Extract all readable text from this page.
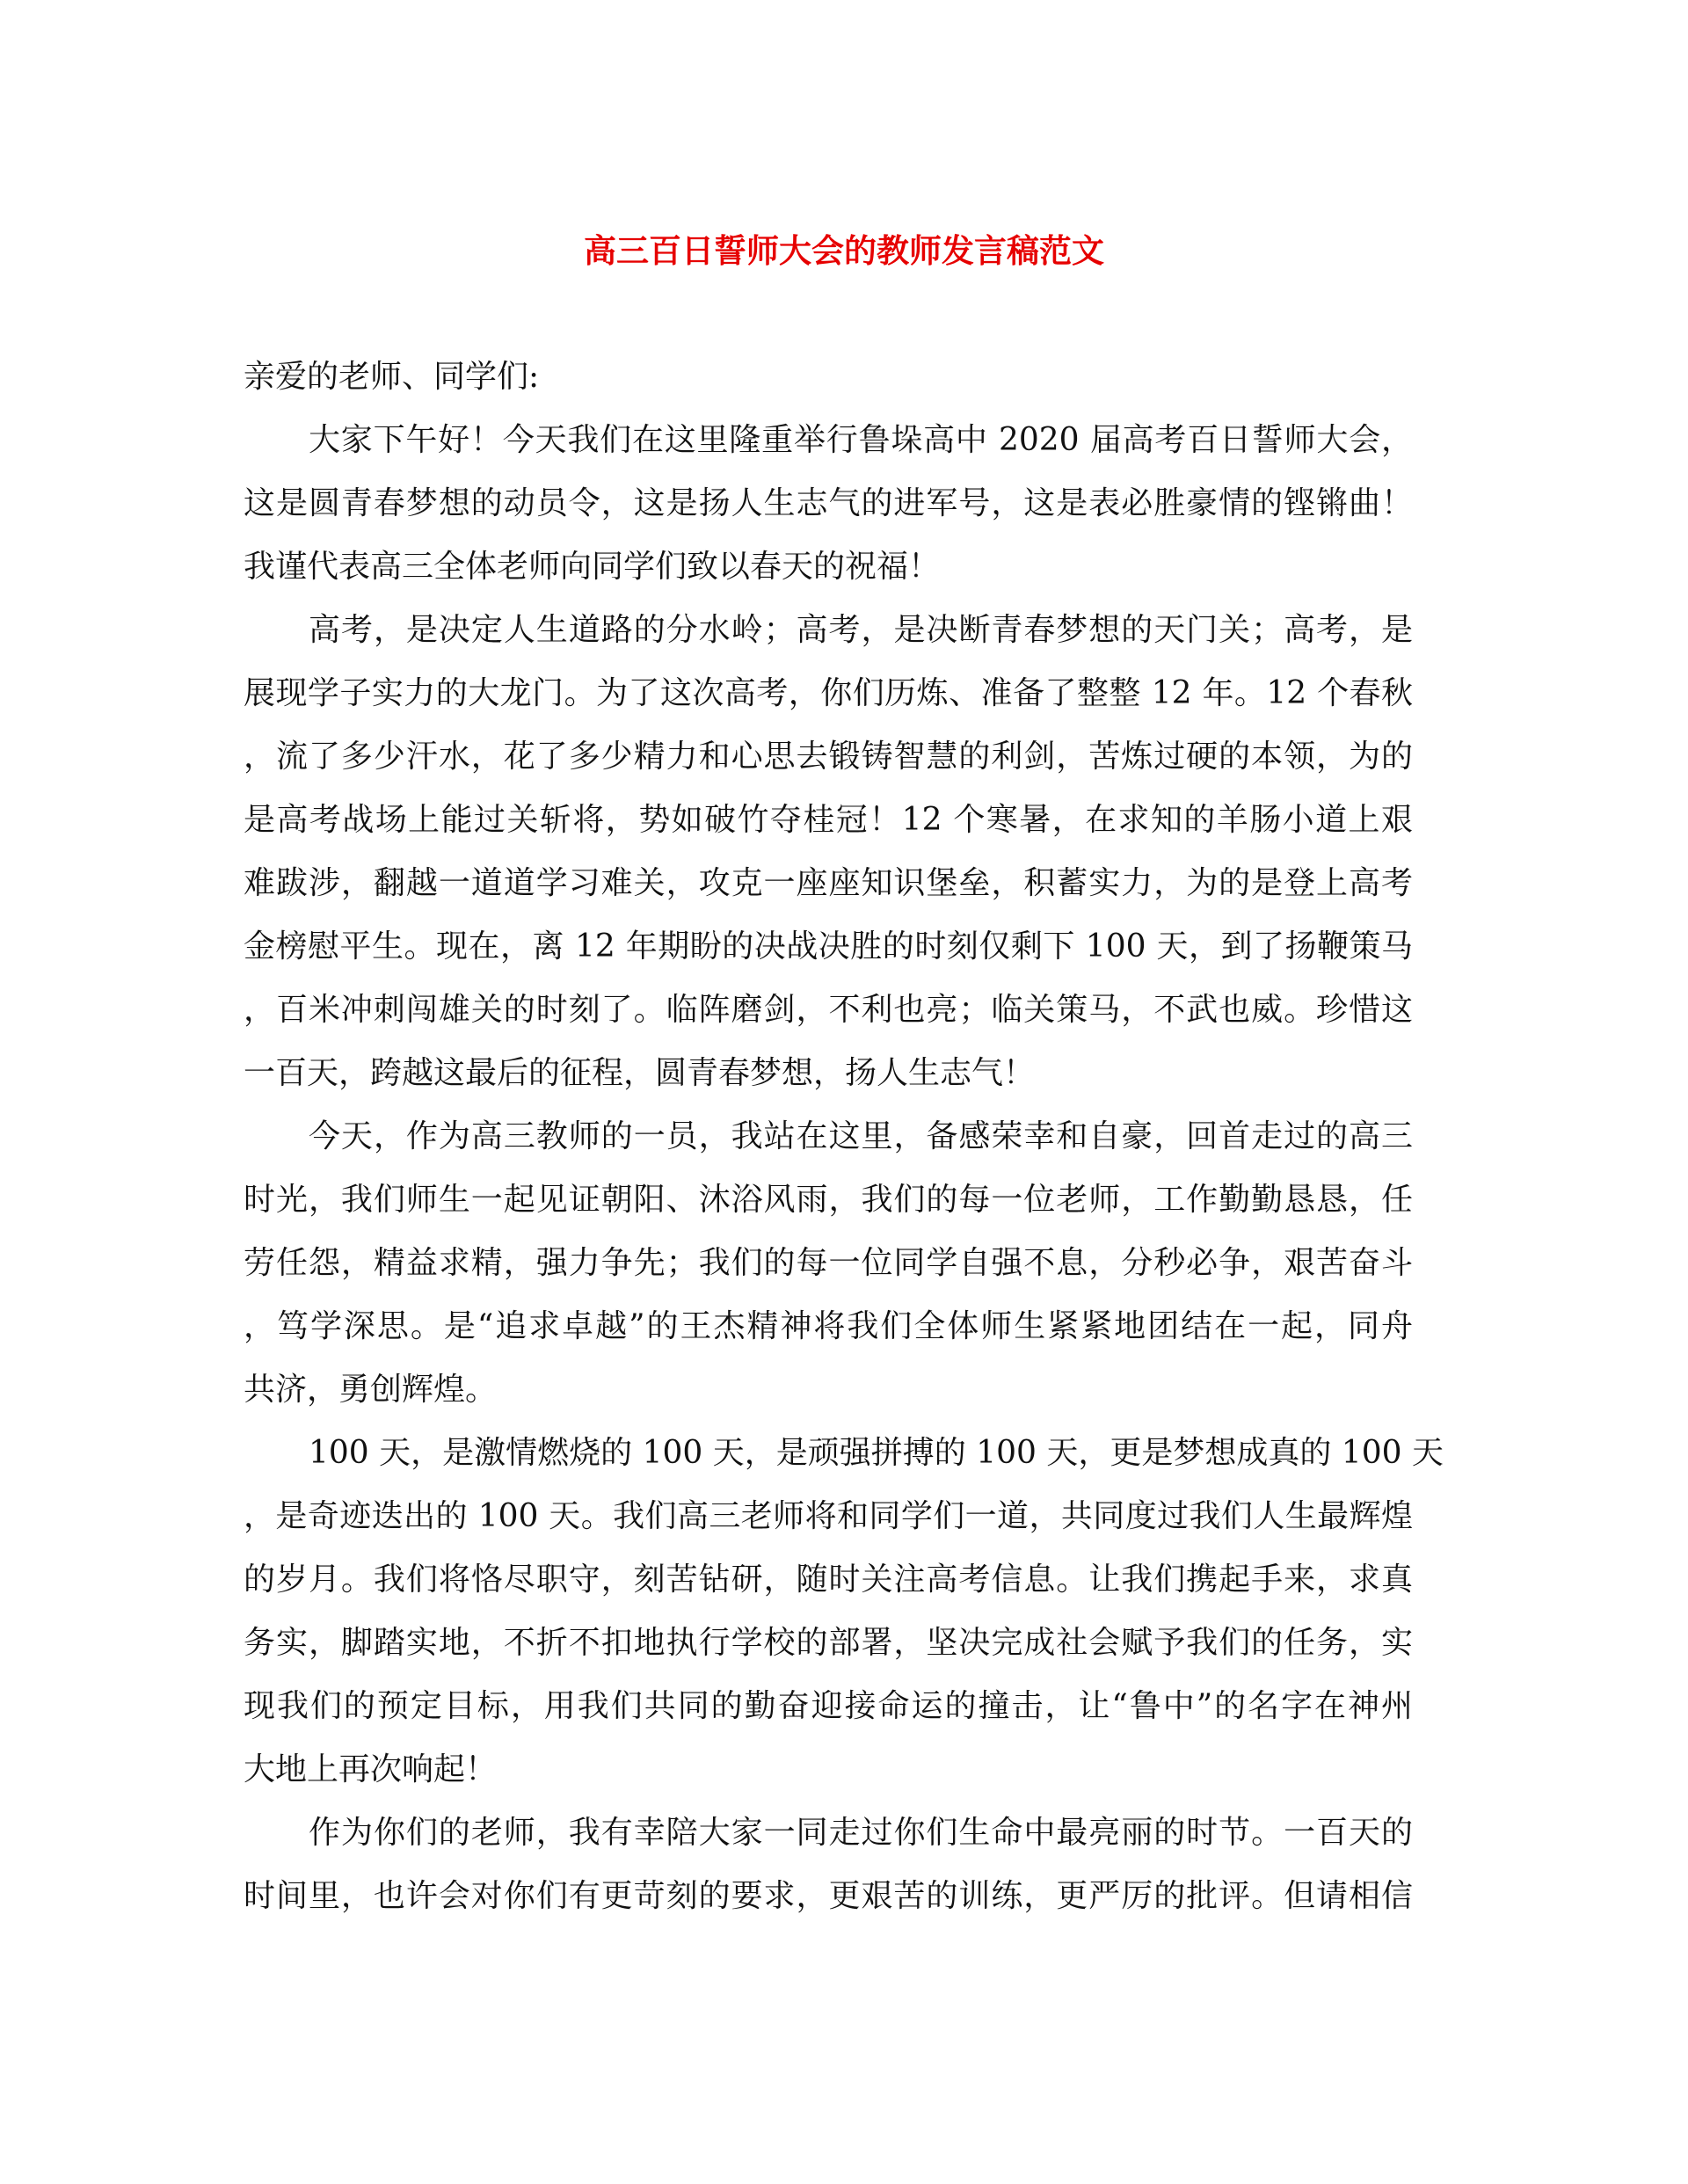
高三百日誓师大会的教师发言稿范文
亲爱的老师、同学们:
大家下午好！今天我们在这里隆重举行鲁垛高中 2020 届高考百日誓师大会，
这是圆青春梦想的动员令，这是扬人生志气的进军号，这是表必胜豪情的铿锵曲！
我谨代表高三全体老师向同学们致以春天的祝福！
高考，是决定人生道路的分水岭；高考，是决断青春梦想的天门关；高考，是
展现学子实力的大龙门。为了这次高考，你们历炼、准备了整整 12 年。12 个春秋
，流了多少汗水，花了多少精力和心思去锻铸智慧的利剑，苦炼过硬的本领，为的
是高考战场上能过关斩将，势如破竹夺桂冠！12 个寒暑，在求知的羊肠小道上艰
难跋涉，翻越一道道学习难关，攻克一座座知识堡垒，积蓄实力，为的是登上高考
金榜慰平生。现在，离 12 年期盼的决战决胜的时刻仅剩下 100 天，到了扬鞭策马
，百米冲刺闯雄关的时刻了。临阵磨剑，不利也亮；临关策马，不武也威。珍惜这
一百天，跨越这最后的征程，圆青春梦想，扬人生志气！
今天，作为高三教师的一员，我站在这里，备感荣幸和自豪，回首走过的高三
时光，我们师生一起见证朝阳、沐浴风雨，我们的每一位老师，工作勤勤恳恳，任
劳任怨，精益求精，强力争先；我们的每一位同学自强不息，分秒必争，艰苦奋斗
，笃学深思。是“追求卓越”的王杰精神将我们全体师生紧紧地团结在一起，同舟
共济，勇创辉煌。
100 天，是激情燃烧的 100 天，是顽强拼搏的 100 天，更是梦想成真的 100 天
，是奇迹迭出的 100 天。我们高三老师将和同学们一道，共同度过我们人生最辉煌
的岁月。我们将恪尽职守，刻苦钻研，随时关注高考信息。让我们携起手来，求真
务实，脚踏实地，不折不扣地执行学校的部署，坚决完成社会赋予我们的任务，实
现我们的预定目标，用我们共同的勤奋迎接命运的撞击，让“鲁中”的名字在神州
大地上再次响起！
作为你们的老师，我有幸陪大家一同走过你们生命中最亮丽的时节。一百天的
时间里，也许会对你们有更苛刻的要求，更艰苦的训练，更严厉的批评。但请相信
